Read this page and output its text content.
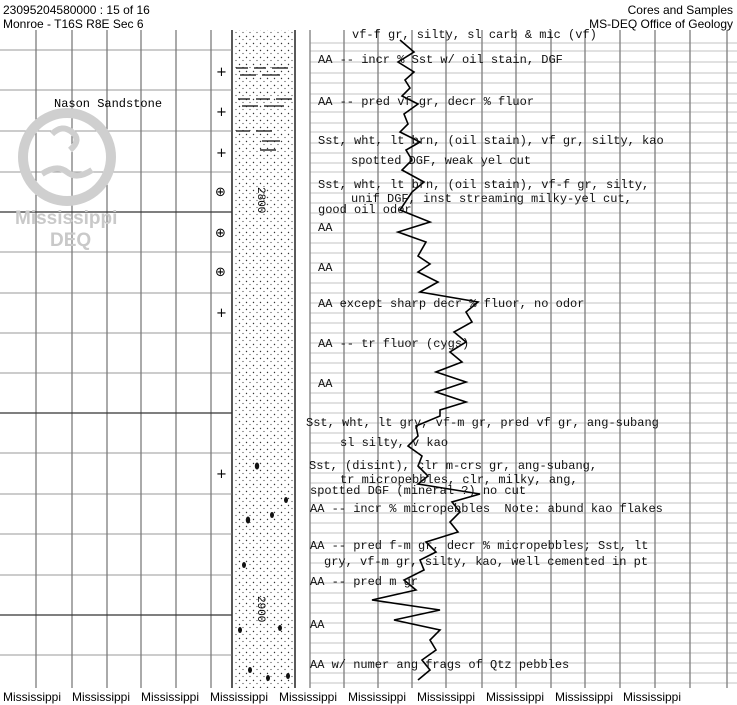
23095204580000 : 15 of 16
Monroe - T16S R8E Sec 6
Cores and Samples
MS-DEQ Office of Geology
Mississippi
DEQ
Nason Sandstone
2800
2900
+
+
+
⊕
⊕
⊕
+
+
vf-f gr, silty, sl carb & mic (vf)
AA -- incr % Sst w/ oil stain, DGF
AA -- pred vf gr, decr % fluor
Sst, wht, lt brn, (oil stain), vf gr, silty, kao
spotted DGF, weak yel cut
Sst, wht, lt brn, (oil stain), vf-f gr, silty,
unif DGF, inst streaming milky-yel cut,
good oil odor
AA
AA
AA except sharp decr % fluor, no odor
AA -- tr fluor (cygs)
AA
Sst, wht, lt gry, vf-m gr, pred vf gr, ang-subang
sl silty, v kao
Sst, (disint), clr m-crs gr, ang-subang,
tr micropebbles, clr, milky, ang,
spotted DGF (mineral ?) no cut
AA -- incr % micropebbles  Note: abund kao flakes
AA -- pred f-m gr, decr % micropebbles; Sst, lt
gry, vf-m gr, silty, kao, well cemented in pt
AA -- pred m gr
AA
AA w/ numer ang frags of Qtz pebbles
Mississippi Mississippi Mississippi Mississippi Mississippi Mississippi Mississippi Mississippi Mississippi Mississippi
